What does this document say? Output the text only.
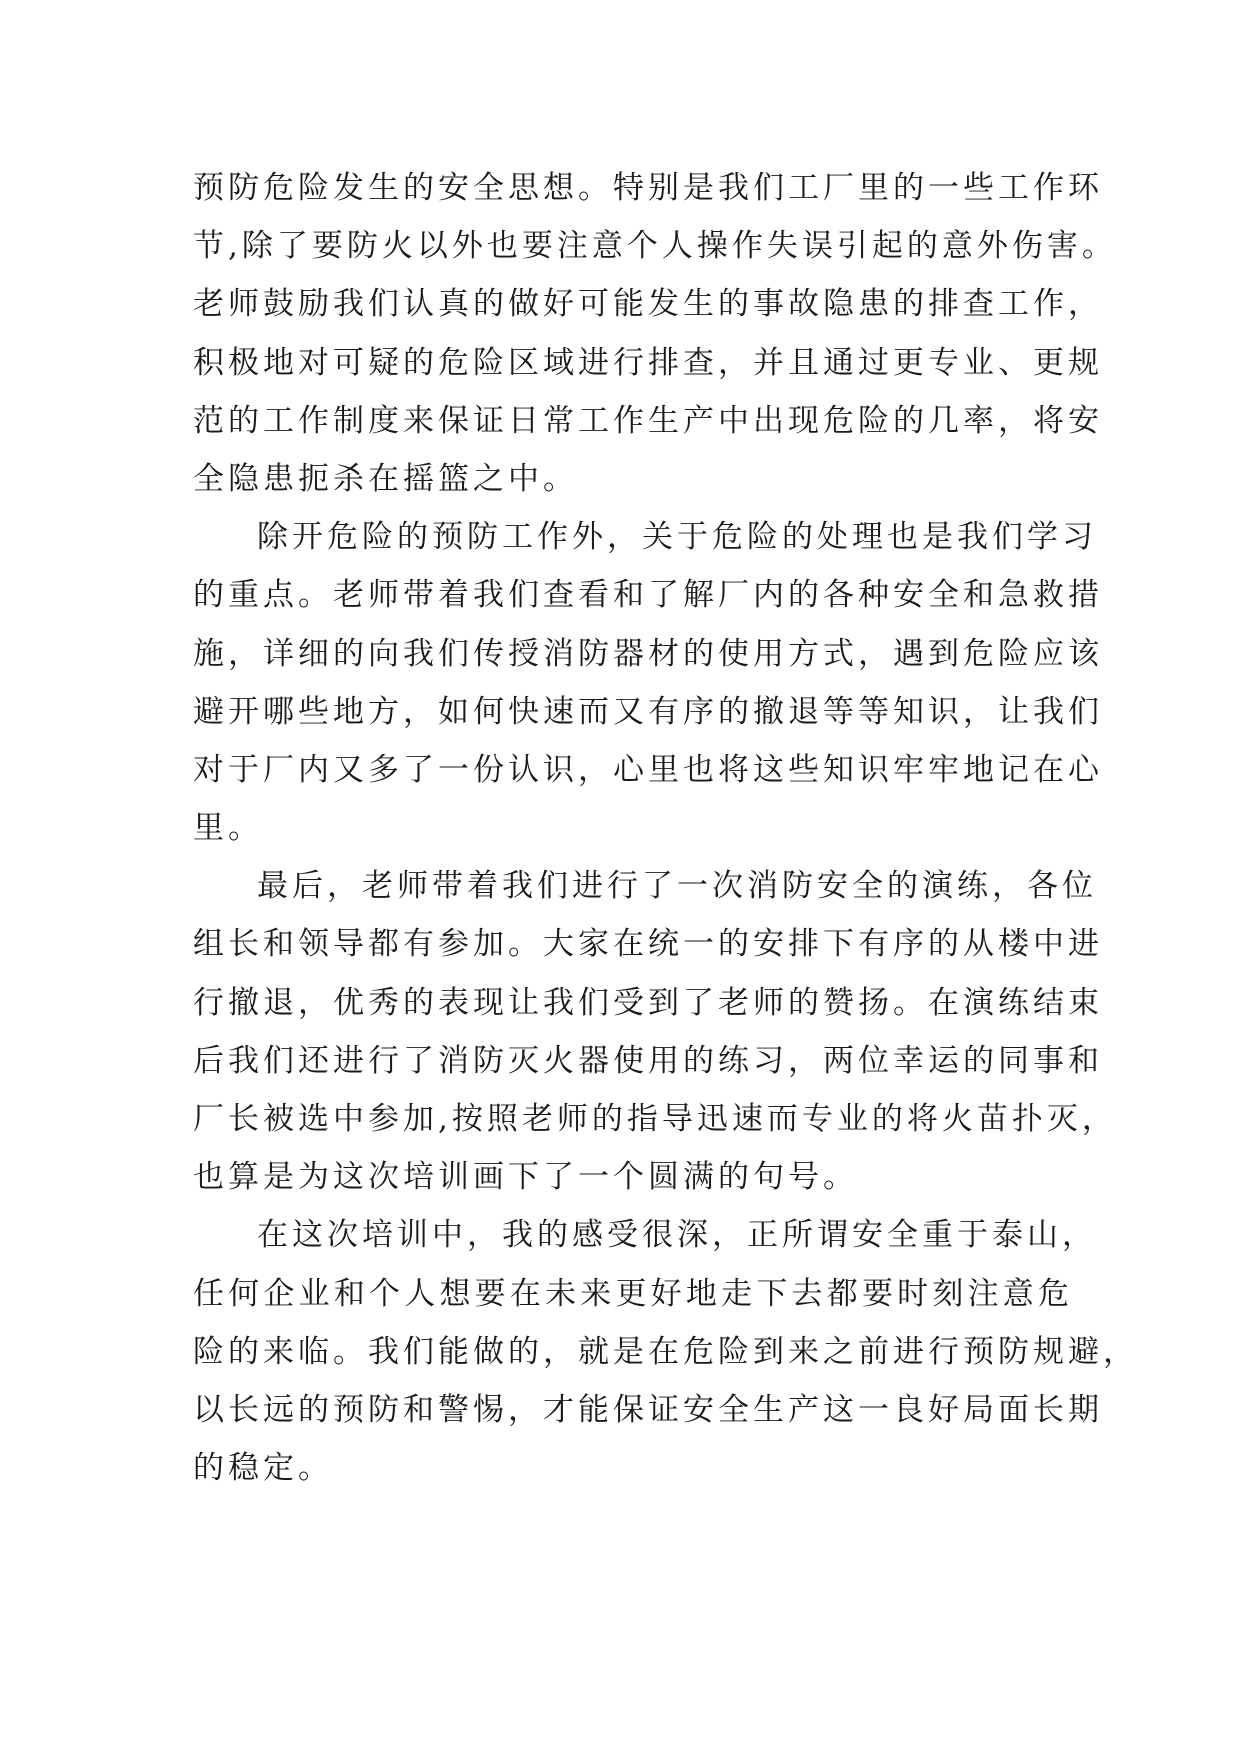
预防危险发生的安全思想。特别是我们工厂里的一些工作环
节,除了要防火以外也要注意个人操作失误引起的意外伤害。
老师鼓励我们认真的做好可能发生的事故隐患的排查工作，
积极地对可疑的危险区域进行排查，并且通过更专业、更规
范的工作制度来保证日常工作生产中出现危险的几率，将安
全隐患扼杀在摇篮之中。
除开危险的预防工作外，关于危险的处理也是我们学习
的重点。老师带着我们查看和了解厂内的各种安全和急救措
施，详细的向我们传授消防器材的使用方式，遇到危险应该
避开哪些地方，如何快速而又有序的撤退等等知识，让我们
对于厂内又多了一份认识，心里也将这些知识牢牢地记在心
里。
最后，老师带着我们进行了一次消防安全的演练，各位
组长和领导都有参加。大家在统一的安排下有序的从楼中进
行撤退，优秀的表现让我们受到了老师的赞扬。在演练结束
后我们还进行了消防灭火器使用的练习，两位幸运的同事和
厂长被选中参加,按照老师的指导迅速而专业的将火苗扑灭，
也算是为这次培训画下了一个圆满的句号。
在这次培训中，我的感受很深，正所谓安全重于泰山，
任何企业和个人想要在未来更好地走下去都要时刻注意危
险的来临。我们能做的，就是在危险到来之前进行预防规避，
以长远的预防和警惕，才能保证安全生产这一良好局面长期
的稳定。
